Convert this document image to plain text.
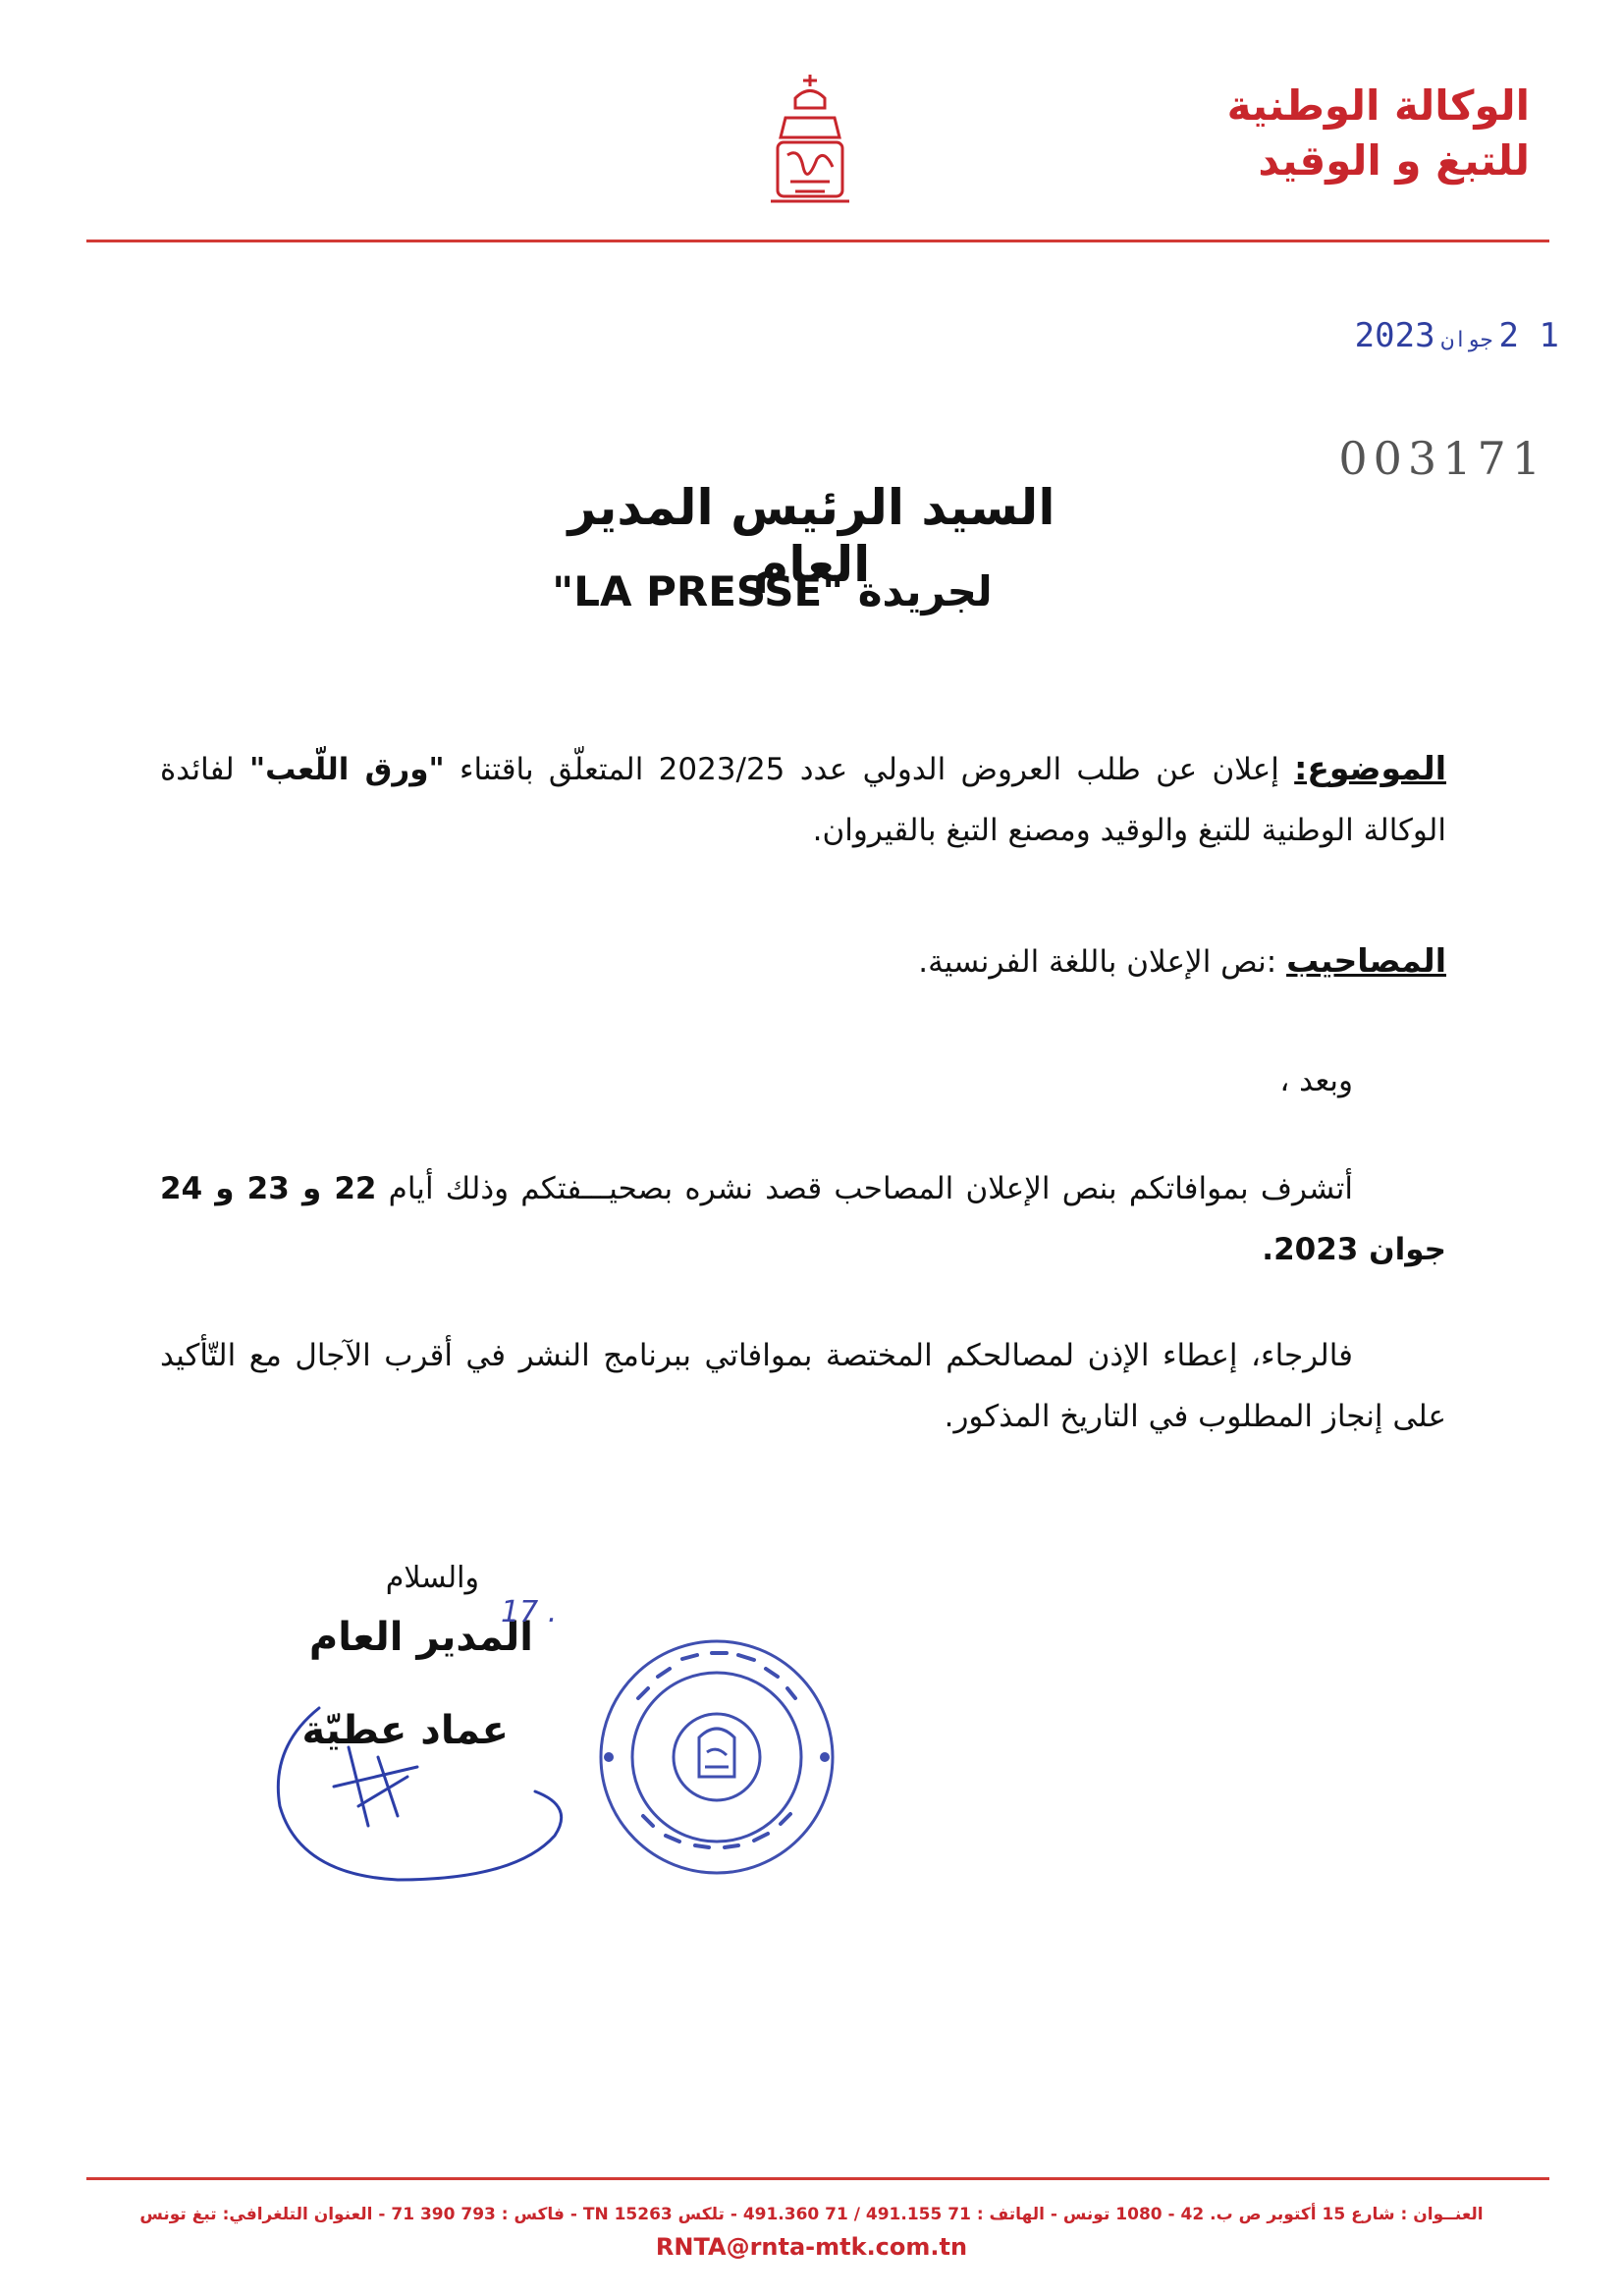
الوكالة الوطنية
للتبغ و الوقيد
1 2جوان2023
003171
السيد الرئيس المدير العام
لجريدة "LA PRESSE"
الموضوع: إعلان عن طلب العروض الدولي عدد 2023/25 المتعلّق باقتناء "ورق اللّعب" لفائدة الوكالة الوطنية للتبغ والوقيد ومصنع التبغ بالقيروان.
المصاحيب :نص الإعلان باللغة الفرنسية.
وبعد ،
أتشرف بموافاتكم بنص الإعلان المصاحب قصد نشره بصحيـــفتكم وذلك أيام 22 و 23 و 24 جوان 2023.
فالرجاء، إعطاء الإذن لمصالحكم المختصة بموافاتي ببرنامج النشر في أقرب الآجال مع التّأكيد على إنجاز المطلوب في التاريخ المذكور.
والسلام
المدير العام
عماد عطيّة
17 .
العنــوان : شارع 15 أكتوبر ص ب. 42 - 1080 تونس - الهاتف : 71 491.155 / 71 491.360 - تلكس 15263 TN - فاكس : 793 390 71 - العنوان التلغرافي: تبغ تونس
RNTA@rnta-mtk.com.tn
